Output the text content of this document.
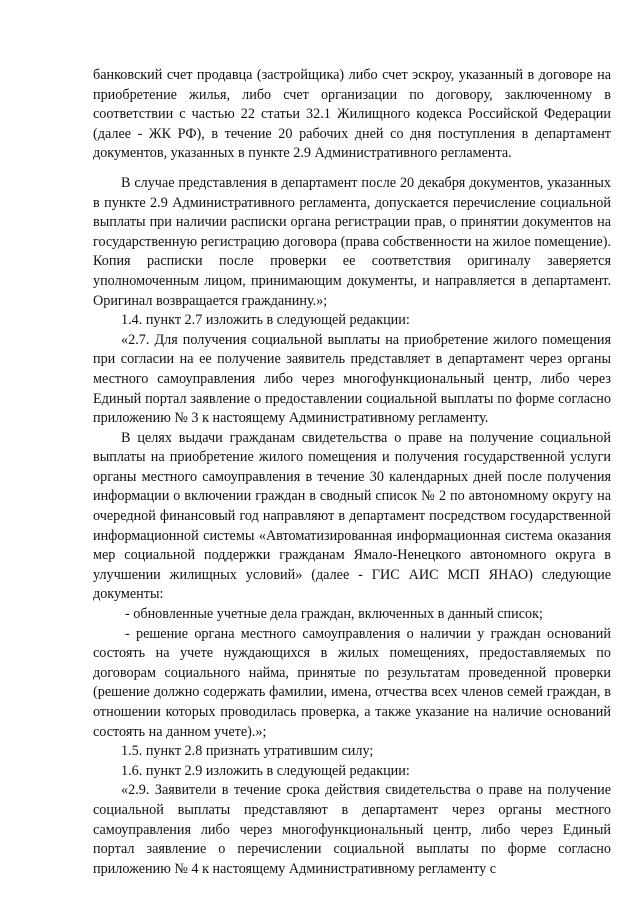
банковский счет продавца (застройщика) либо счет эскроу, указанный в договоре на приобретение жилья, либо счет организации по договору, заключенному в соответствии с частью 22 статьи 32.1 Жилищного кодекса Российской Федерации (далее - ЖК РФ), в течение 20 рабочих дней со дня поступления в департамент документов, указанных в пункте 2.9 Административного регламента.

В случае представления в департамент после 20 декабря документов, указанных в пункте 2.9 Административного регламента, допускается перечисление социальной выплаты при наличии расписки органа регистрации прав, о принятии документов на государственную регистрацию договора (права собственности на жилое помещение). Копия расписки после проверки ее соответствия оригиналу заверяется уполномоченным лицом, принимающим документы, и направляется в департамент. Оригинал возвращается гражданину.»;

1.4. пункт 2.7 изложить в следующей редакции:

«2.7. Для получения социальной выплаты на приобретение жилого помещения при согласии на ее получение заявитель представляет в департамент через органы местного самоуправления либо через многофункциональный центр, либо через Единый портал заявление о предоставлении социальной выплаты по форме согласно приложению № 3 к настоящему Административному регламенту.

В целях выдачи гражданам свидетельства о праве на получение социальной выплаты на приобретение жилого помещения и получения государственной услуги органы местного самоуправления в течение 30 календарных дней после получения информации о включении граждан в сводный список № 2 по автономному округу на очередной финансовый год направляют в департамент посредством государственной информационной системы «Автоматизированная информационная система оказания мер социальной поддержки гражданам Ямало-Ненецкого автономного округа в улучшении жилищных условий» (далее - ГИС АИС МСП ЯНАО) следующие документы:

- обновленные учетные дела граждан, включенных в данный список;

- решение органа местного самоуправления о наличии у граждан оснований состоять на учете нуждающихся в жилых помещениях, предоставляемых по договорам социального найма, принятые по результатам проведенной проверки (решение должно содержать фамилии, имена, отчества всех членов семей граждан, в отношении которых проводилась проверка, а также указание на наличие оснований состоять на данном учете).»;

1.5. пункт 2.8 признать утратившим силу;

1.6. пункт 2.9 изложить в следующей редакции:

«2.9. Заявители в течение срока действия свидетельства о праве на получение социальной выплаты представляют в департамент через органы местного самоуправления либо через многофункциональный центр, либо через Единый портал заявление о перечислении социальной выплаты по форме согласно приложению № 4 к настоящему Административному регламенту с
